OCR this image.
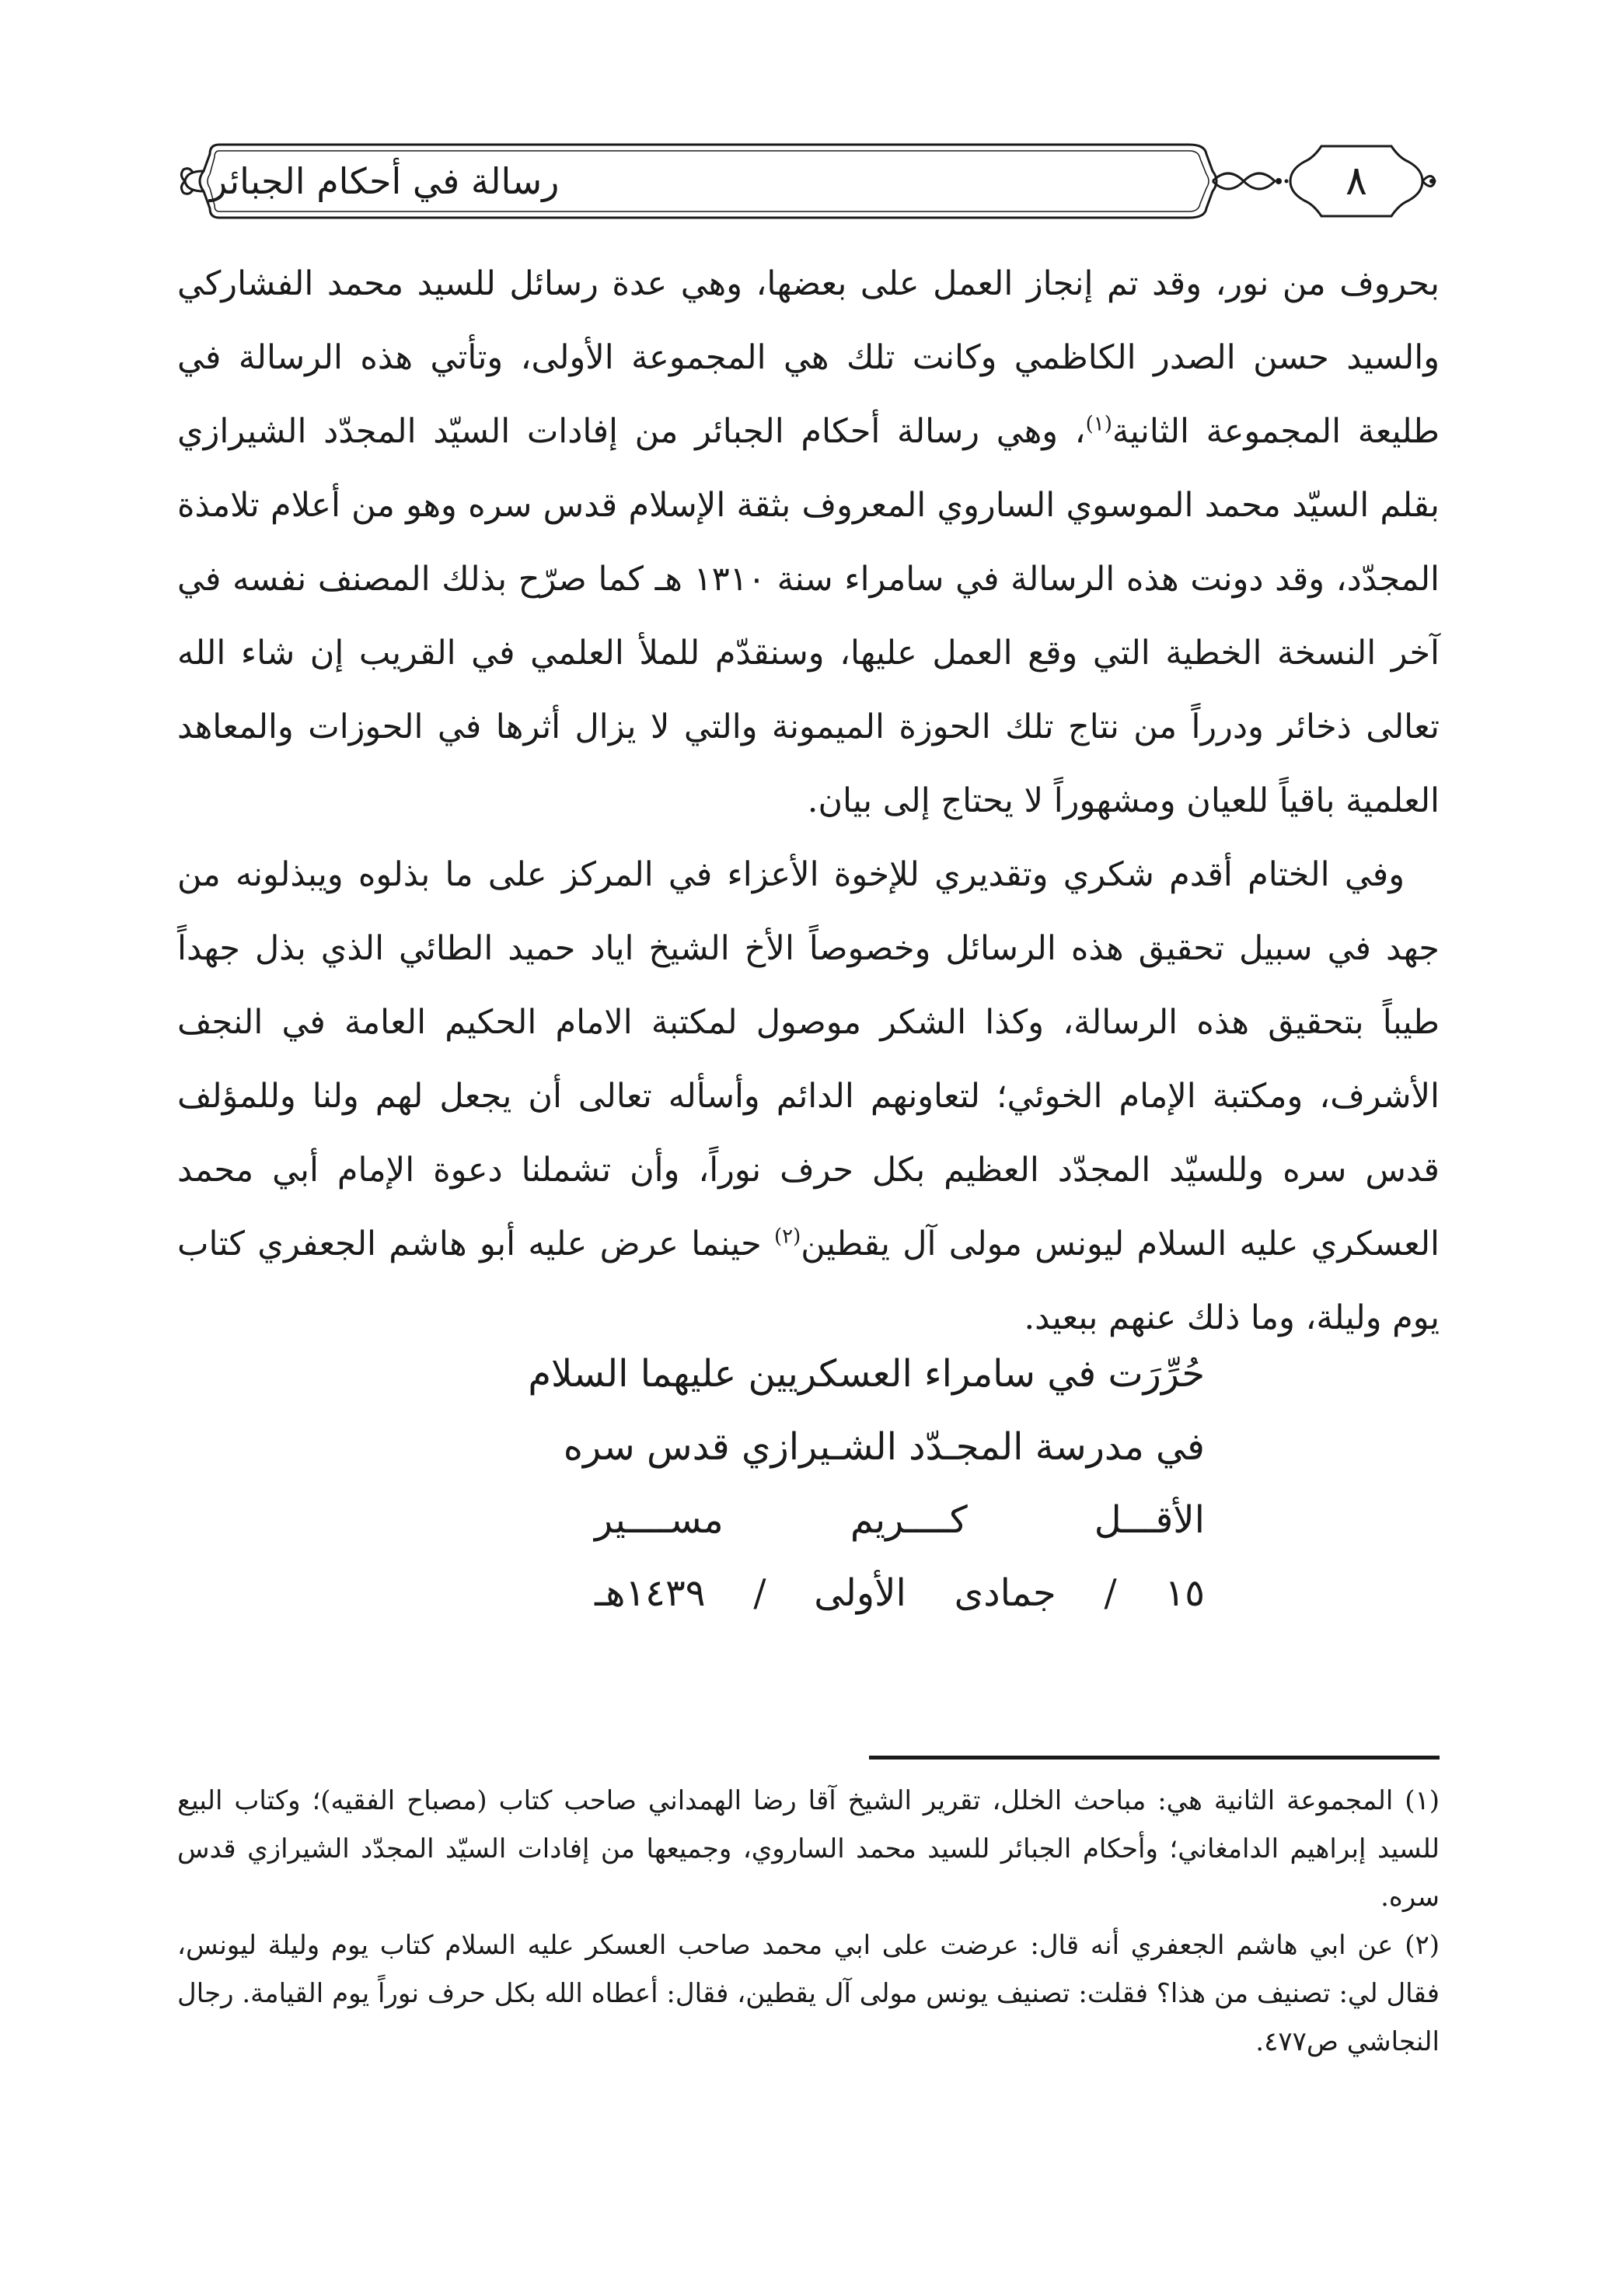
٨
رسالة في أحكام الجبائر

بحروف من نور، وقد تم إنجاز العمل على بعضها، وهي عدة رسائل للسيد محمد الفشاركي والسيد حسن الصدر الكاظمي وكانت تلك هي المجموعة الأولى، وتأتي هذه الرسالة في طليعة المجموعة الثانية$^{(١)}$، وهي رسالة أحكام الجبائر من إفادات السيّد المجدّد الشيرازي بقلم السيّد محمد الموسوي الساروي المعروف بثقة الإسلام قدس سره وهو من أعلام تلامذة المجدّد، وقد دونت هذه الرسالة في سامراء سنة ١٣١٠ هـ كما صرّح بذلك المصنف نفسه في آخر النسخة الخطية التي وقع العمل عليها، وسنقدّم للملأ العلمي في القريب إن شاء الله تعالى ذخائر ودرراً من نتاج تلك الحوزة الميمونة والتي لا يزال أثرها في الحوزات والمعاهد العلمية باقياً للعيان ومشهوراً لا يحتاج إلى بيان.

وفي الختام أقدم شكري وتقديري للإخوة الأعزاء في المركز على ما بذلوه ويبذلونه من جهد في سبيل تحقيق هذه الرسائل وخصوصاً الأخ الشيخ اياد حميد الطائي الذي بذل جهداً طيباً بتحقيق هذه الرسالة، وكذا الشكر موصول لمكتبة الامام الحكيم العامة في النجف الأشرف، ومكتبة الإمام الخوئي؛ لتعاونهم الدائم وأسأله تعالى أن يجعل لهم ولنا وللمؤلف قدس سره وللسيّد المجدّد العظيم بكل حرف نوراً، وأن تشملنا دعوة الإمام أبي محمد العسكري عليه السلام ليونس مولى آل يقطين$^{(٢)}$ حينما عرض عليه أبو هاشم الجعفري كتاب يوم وليلة، وما ذلك عنهم ببعيد.

حُرِّرَت في سامراء العسكريين عليهما السلام
في مدرسة المجـدّد الشـيرازي قدس سره
الأقـــل كــــريم مســــير
١٥ / جمادى الأولى / ١٤٣٩هـ

(١) المجموعة الثانية هي: مباحث الخلل، تقرير الشيخ آقا رضا الهمداني صاحب كتاب (مصباح الفقيه)؛ وكتاب البيع للسيد إبراهيم الدامغاني؛ وأحكام الجبائر للسيد محمد الساروي، وجميعها من إفادات السيّد المجدّد الشيرازي قدس سره.

(٢) عن ابي هاشم الجعفري أنه قال: عرضت على ابي محمد صاحب العسكر عليه السلام كتاب يوم وليلة ليونس، فقال لي: تصنيف من هذا؟ فقلت: تصنيف يونس مولى آل يقطين، فقال: أعطاه الله بكل حرف نوراً يوم القيامة. رجال النجاشي ص٤٧٧.
